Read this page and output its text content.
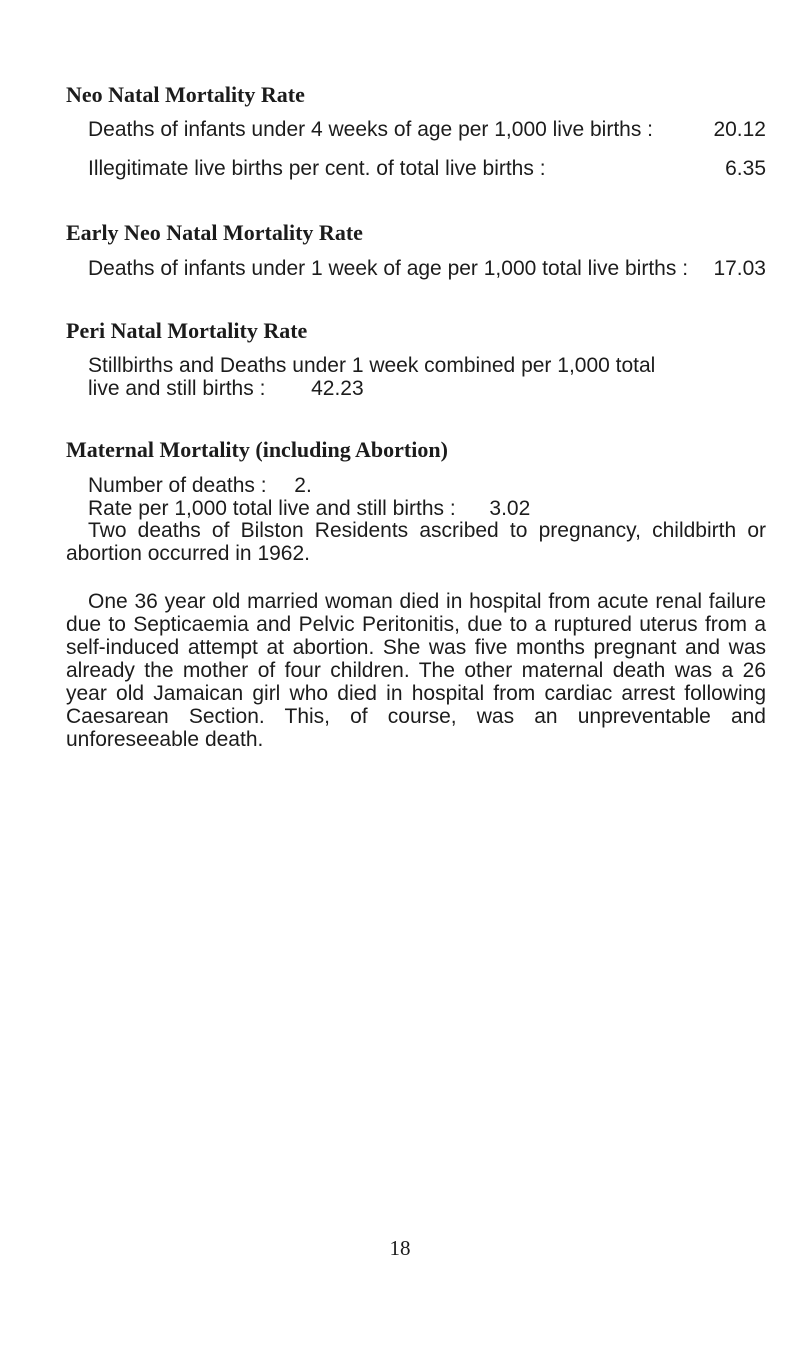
Neo Natal Mortality Rate
Deaths of infants under 4 weeks of age per 1,000 live births :	20.12
Illegitimate live births per cent. of total live births :	6.35
Early Neo Natal Mortality Rate
Deaths of infants under 1 week of age per 1,000 total live births : 17.03
Peri Natal Mortality Rate
Stillbirths and Deaths under 1 week combined per 1,000 total
live and still births : 42.23
Maternal Mortality (including Abortion)
Number of deaths : 2.
Rate per 1,000 total live and still births : 3.02
Two deaths of Bilston Residents ascribed to pregnancy, childbirth or abortion occurred in 1962.
One 36 year old married woman died in hospital from acute renal failure due to Septicaemia and Pelvic Peritonitis, due to a ruptured uterus from a self-induced attempt at abortion. She was five months pregnant and was already the mother of four children. The other maternal death was a 26 year old Jamaican girl who died in hospital from cardiac arrest following Caesarean Section. This, of course, was an unpreventable and unforeseeable death.
18
